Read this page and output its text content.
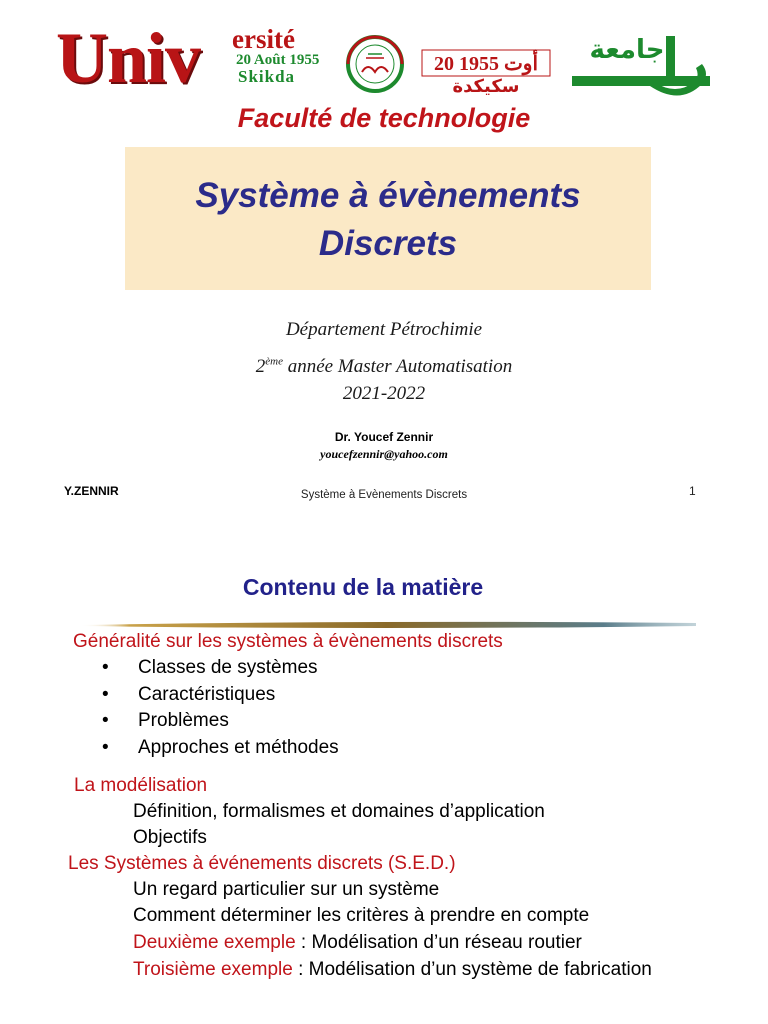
Univ ersité
20 Août 1955
Skikda
جامعة
20 أوت 1955
سكيكدة
Faculté de technologie
Système à évènements
Discrets
Département Pétrochimie
2ème année Master Automatisation
2021-2022
Dr. Youcef Zennir
youcefzennir@yahoo.com
Y.ZENNIR	Système à Evènements Discrets	1
Contenu de la matière
Généralité sur les systèmes à évènements discrets
• Classes de systèmes
• Caractéristiques
• Problèmes
• Approches et méthodes
La modélisation
Définition, formalismes et domaines d’application
Objectifs
Les Systèmes à événements discrets (S.E.D.)
Un regard particulier sur un système
Comment déterminer les critères à prendre en compte
Deuxième exemple : Modélisation d’un réseau routier
Troisième exemple : Modélisation d’un système de fabrication
